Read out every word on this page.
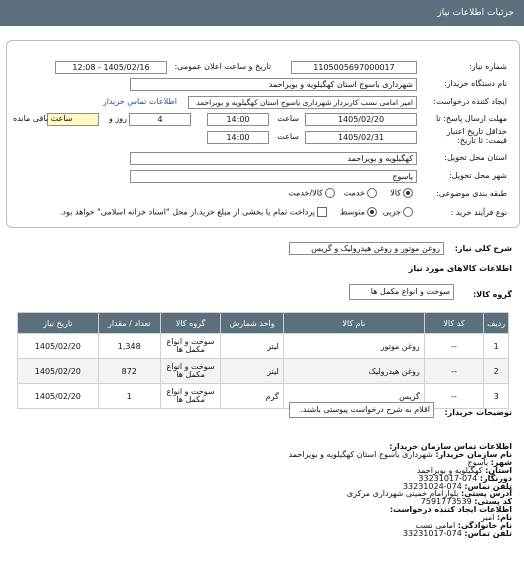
جزئیات اطلاعات نیاز
شماره نیاز:
1105005697000017
تاریخ و ساعت اعلان عمومی:
1405/02/16 - 12:08
نام دستگاه خریدار:
شهرداری یاسوج استان کهگیلویه و بویراحمد
ایجاد کننده درخواست:
امیر امامی نسب کاربردار شهرداری یاسوج استان کهگیلویه و بویراحمد
اطلاعات تماس خریدار
مهلت ارسال پاسخ: تا
1405/02/20
ساعت
14:00
4
روز و
ساعت باقی مانده
حداقل تاریخ اعتبار
قیمت: تا تاریخ:
1405/02/31
ساعت
14:00
استان محل تحویل:
کهگیلویه و بویراحمد
شهر محل تحویل:
یاسوج
طبقه بندی موضوعی:
کالا
خدمت
کالا/خدمت
نوع فرآیند خرید :
جزیی
متوسط
پرداخت تمام یا بخشی از مبلغ خرید،از محل "اسناد خزانه اسلامی" خواهد بود.
شرح کلی نیاز:
روغن موتور و روغن هیدرولیک و گریس
اطلاعات کالاهای مورد نیاز
گروه کالا:
سوخت و انواع مکمل ها
ردیف	کد کالا	نام کالا	واحد شمارش	گروه کالا	تعداد / مقدار	تاریخ نیاز
1	--	روغن موتور	لیتر	سوخت و انواع مکمل ها	1,348	1405/02/20
2	--	روغن هیدرولیک	لیتر	سوخت و انواع مکمل ها	872	1405/02/20
3	--	گریس	گرم	سوخت و انواع مکمل ها	1	1405/02/20
توضیحات خریدار:
اقلام به شرح درخواست پیوستی باشند.
اطلاعات تماس سازمان خریدار:
نام سازمان خریدار: شهرداری یاسوج استان کهگیلویه و بویراحمد
شهر: یاسوج
استان: کهگیلویه و بویراحمد
دورنگار: 074-33231017
تلفن تماس: 074-33231024
آدرس پستی: بلوارامام خمینی شهرداری مرکزی
کد پستی: 7591773539
اطلاعات ایجاد کننده درخواست:
نام: امیر
نام خانوادگی: امامی نسب
تلفن تماس: 074-33231017
